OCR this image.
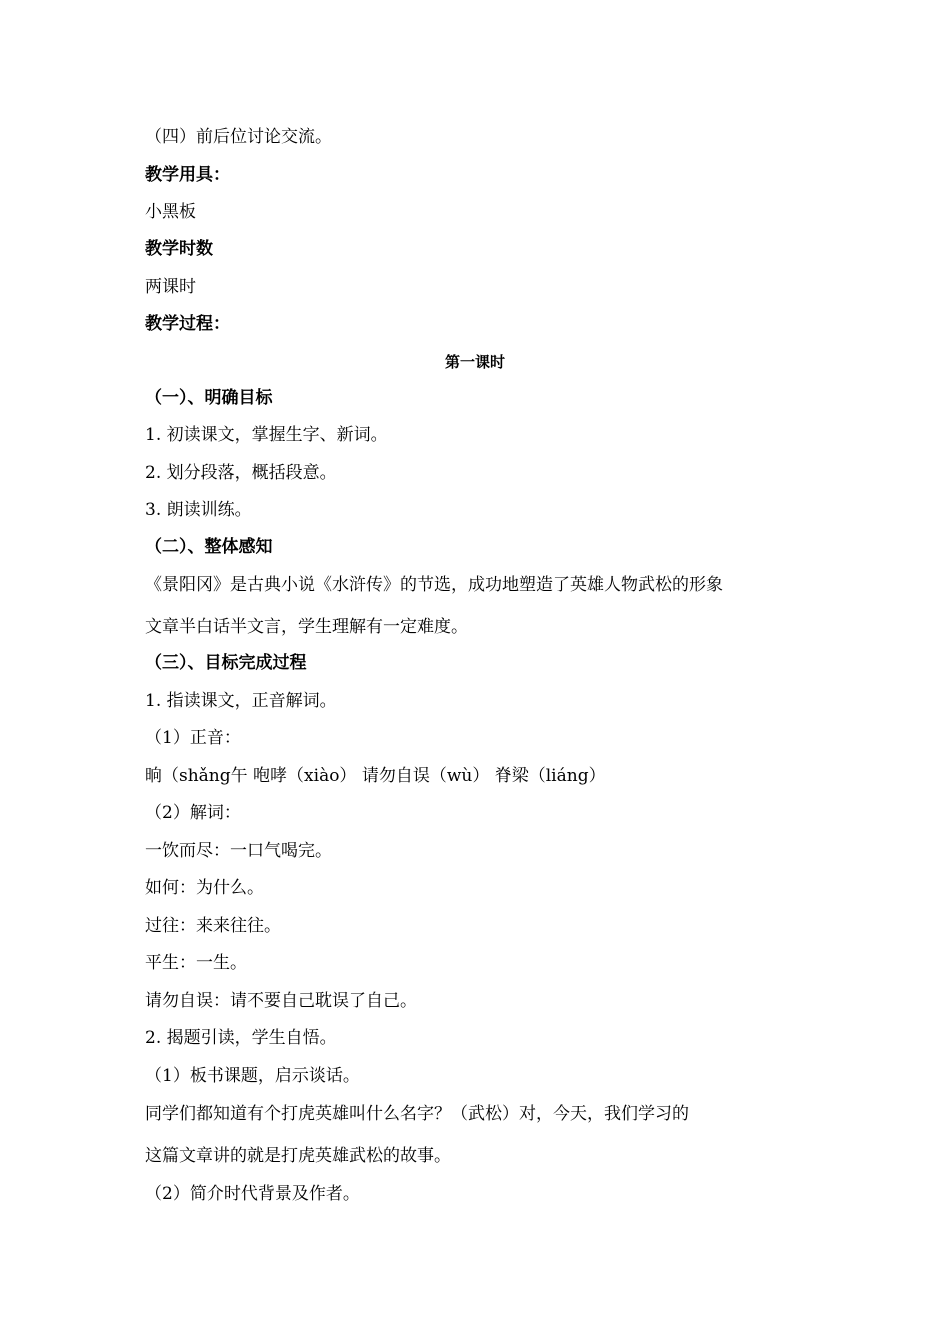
（四）前后位讨论交流。
教学用具：
小黑板
教学时数
两课时
教学过程：
第一课时
（一）、明确目标
1. 初读课文，掌握生字、新词。
2. 划分段落，概括段意。
3. 朗读训练。
（二）、整体感知
《景阳冈》是古典小说《水浒传》的节选，成功地塑造了英雄人物武松的形象
文章半白话半文言，学生理解有一定难度。
（三）、目标完成过程
1. 指读课文，正音解词。
（1）正音：
晌（shǎng午 咆哮（xiào） 请勿自误（wù） 脊梁（liáng）
（2）解词：
一饮而尽：一口气喝完。
如何：为什么。
过往：来来往往。
平生：一生。
请勿自误：请不要自己耽误了自己。
2. 揭题引读，学生自悟。
（1）板书课题，启示谈话。
同学们都知道有个打虎英雄叫什么名字？（武松）对，今天，我们学习的
这篇文章讲的就是打虎英雄武松的故事。
（2）简介时代背景及作者。
